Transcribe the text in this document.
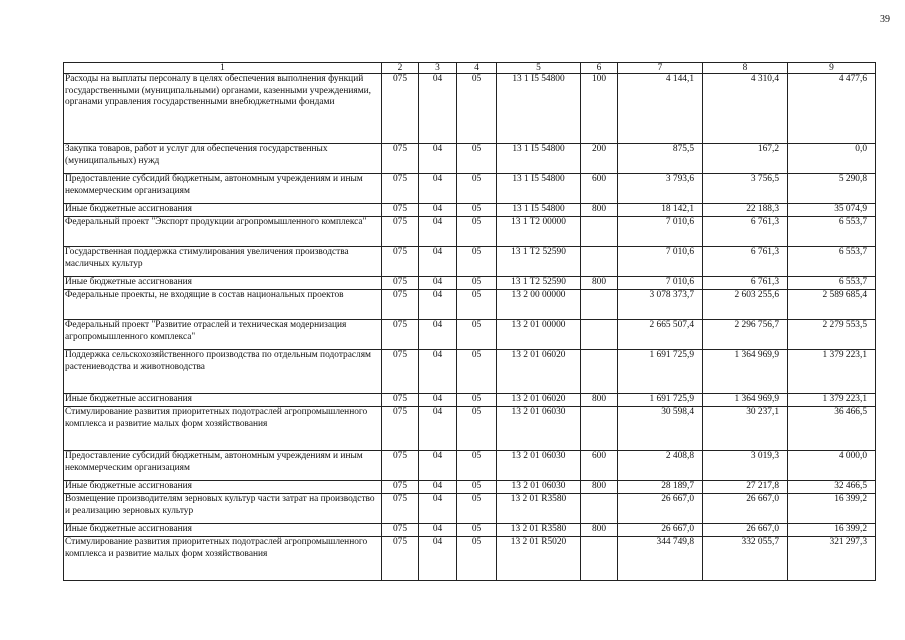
39
1	2	3	4	5	6	7	8	9
Расходы на выплаты персоналу в целях обеспечения выполнения функций государственными (муниципальными) органами, казенными учреждениями, органами управления государственными внебюджетными фондами	075	04	05	13 1 I5 54800	100	4 144,1	4 310,4	4 477,6
Закупка товаров, работ и услуг для обеспечения государственных (муниципальных) нужд	075	04	05	13 1 I5 54800	200	875,5	167,2	0,0
Предоставление субсидий бюджетным, автономным учреждениям и иным некоммерческим организациям	075	04	05	13 1 I5 54800	600	3 793,6	3 756,5	5 290,8
Иные бюджетные ассигнования	075	04	05	13 1 I5 54800	800	18 142,1	22 188,3	35 074,9
Федеральный проект "Экспорт продукции агропромышленного комплекса"	075	04	05	13 1 T2 00000		7 010,6	6 761,3	6 553,7
Государственная поддержка стимулирования увеличения производства масличных культур	075	04	05	13 1 T2 52590		7 010,6	6 761,3	6 553,7
Иные бюджетные ассигнования	075	04	05	13 1 T2 52590	800	7 010,6	6 761,3	6 553,7
Федеральные проекты, не входящие в состав национальных проектов	075	04	05	13 2 00 00000		3 078 373,7	2 603 255,6	2 589 685,4
Федеральный проект "Развитие отраслей и техническая модернизация агропромышленного комплекса"	075	04	05	13 2 01 00000		2 665 507,4	2 296 756,7	2 279 553,5
Поддержка сельскохозяйственного производства по отдельным подотраслям растениеводства и животноводства	075	04	05	13 2 01 06020		1 691 725,9	1 364 969,9	1 379 223,1
Иные бюджетные ассигнования	075	04	05	13 2 01 06020	800	1 691 725,9	1 364 969,9	1 379 223,1
Стимулирование развития приоритетных подотраслей агропромышленного комплекса и развитие малых форм хозяйствования	075	04	05	13 2 01 06030		30 598,4	30 237,1	36 466,5
Предоставление субсидий бюджетным, автономным учреждениям и иным некоммерческим организациям	075	04	05	13 2 01 06030	600	2 408,8	3 019,3	4 000,0
Иные бюджетные ассигнования	075	04	05	13 2 01 06030	800	28 189,7	27 217,8	32 466,5
Возмещение производителям зерновых культур части затрат на производство и реализацию зерновых культур	075	04	05	13 2 01 R3580		26 667,0	26 667,0	16 399,2
Иные бюджетные ассигнования	075	04	05	13 2 01 R3580	800	26 667,0	26 667,0	16 399,2
Стимулирование развития приоритетных подотраслей агропромышленного комплекса и развитие малых форм хозяйствования	075	04	05	13 2 01 R5020		344 749,8	332 055,7	321 297,3
